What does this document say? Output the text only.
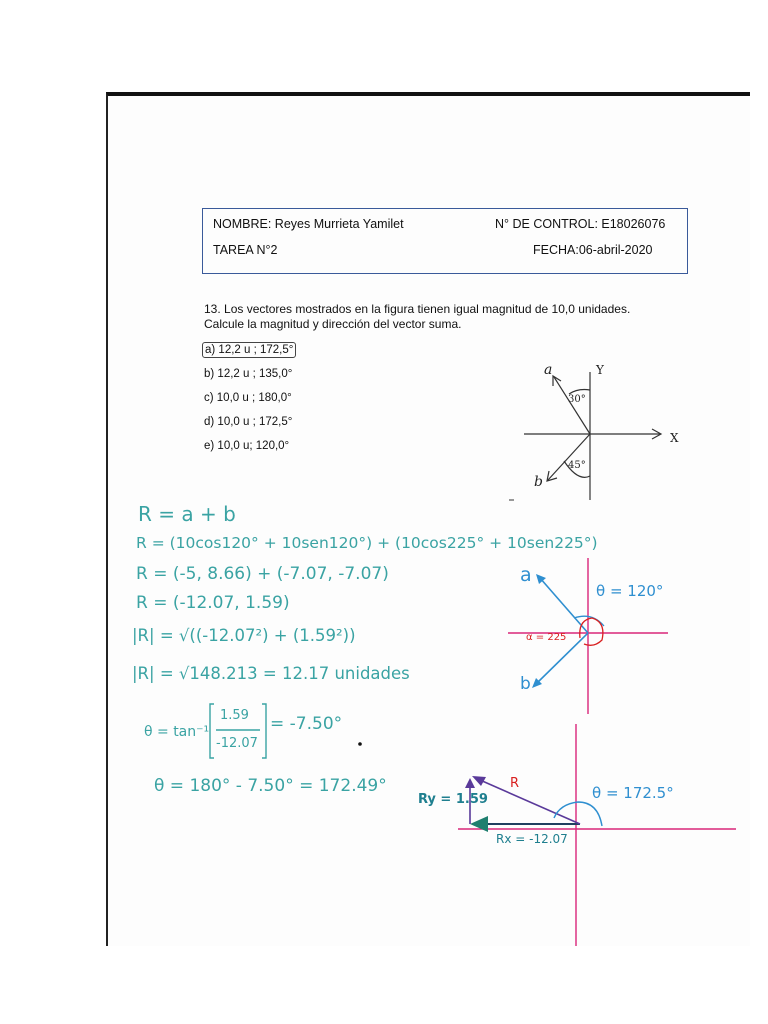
NOMBRE: Reyes Murrieta Yamilet	N° DE CONTROL: E18026076
TAREA N°2	FECHA:06-abril-2020
13. Los vectores mostrados en la figura tienen igual magnitud de 10,0 unidades.
Calcule la magnitud y dirección del vector suma.
a) 12,2 u ; 172,5°
b) 12,2 u ; 135,0°
c) 10,0 u ; 180,0°
d) 10,0 u ; 172,5°
e) 10,0 u; 120,0°
a	Y
X
b
30°
45°
R = a + b
R = (10cos120° + 10sen120°) + (10cos225° + 10sen225°)
R = (-5, 8.66) + (-7.07, -7.07)
R = (-12.07, 1.59)
|R| = √((-12.07²) + (1.59²))
|R| = √148.213 = 12.17 unidades
θ = tan⁻¹
1.59
-12.07
= -7.50°
θ = 180° - 7.50° = 172.49°
a
b
θ = 120°
α = 225
Ry = 1.59
Rx = -12.07
R
θ = 172.5°
